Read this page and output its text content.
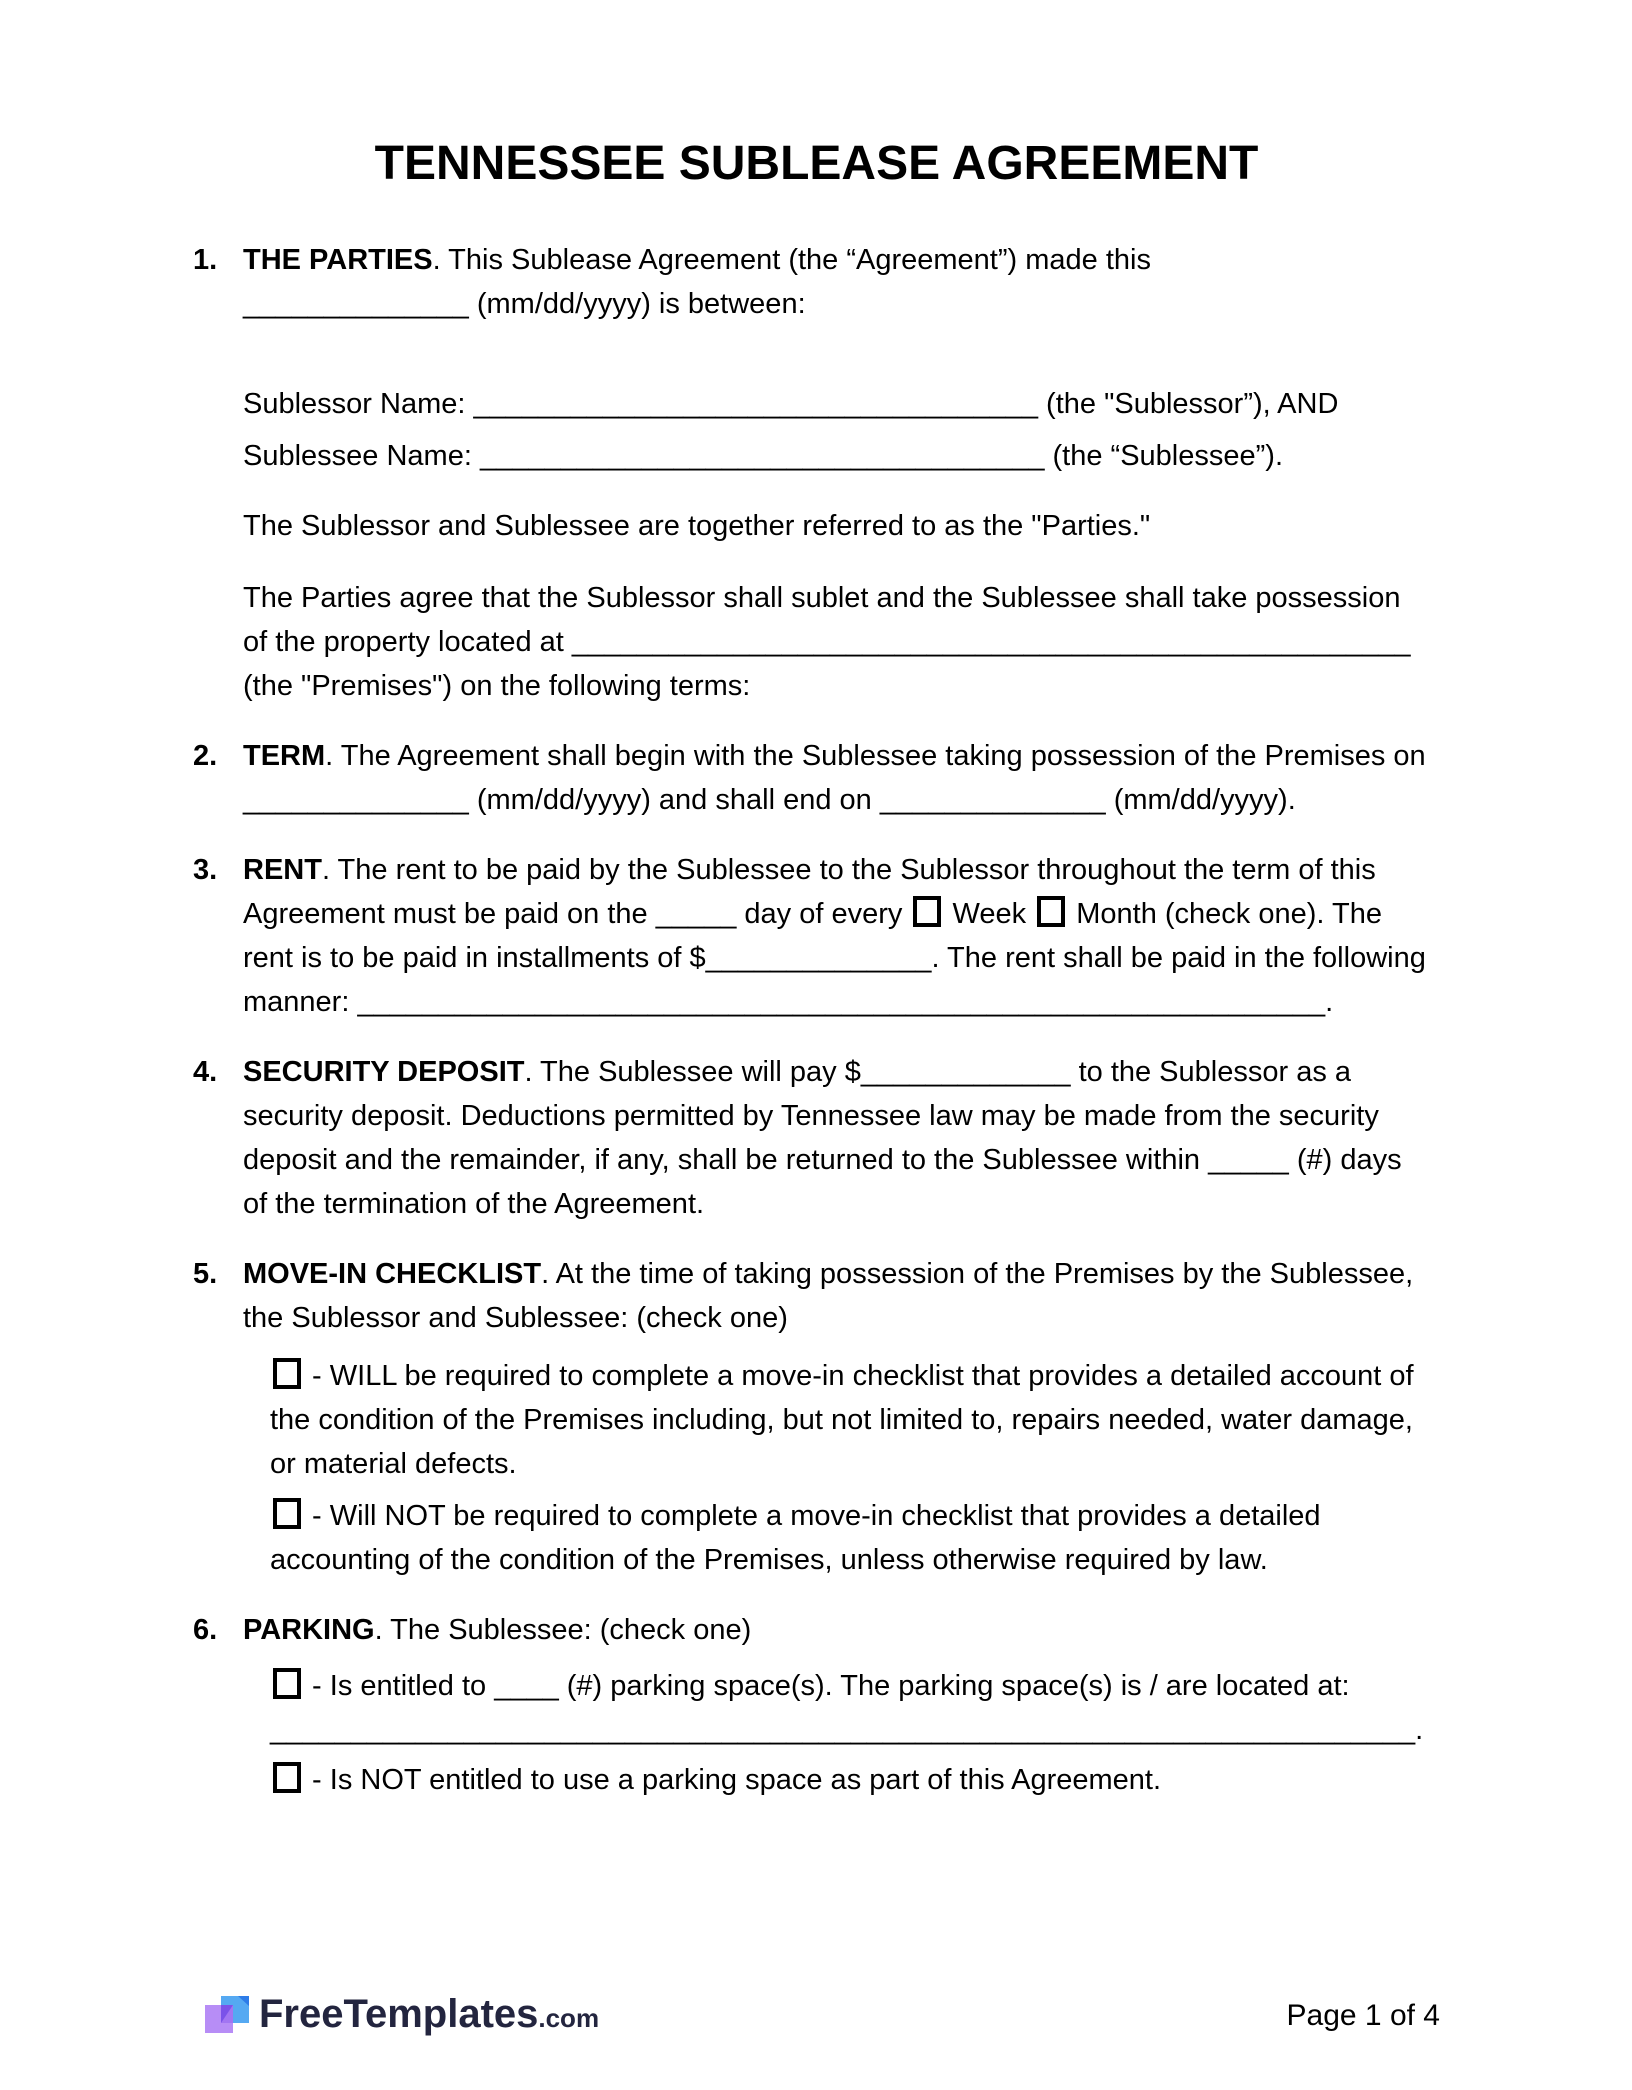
TENNESSEE SUBLEASE AGREEMENT
1. THE PARTIES. This Sublease Agreement (the “Agreement”) made this
______________ (mm/dd/yyyy) is between:
Sublessor Name: ___________________________________ (the "Sublessor”), AND
Sublessee Name: ___________________________________ (the “Sublessee”).
The Sublessor and Sublessee are together referred to as the "Parties."
The Parties agree that the Sublessor shall sublet and the Sublessee shall take possession
of the property located at ____________________________________________________
(the "Premises") on the following terms:
2. TERM. The Agreement shall begin with the Sublessee taking possession of the Premises on
______________ (mm/dd/yyyy) and shall end on ______________ (mm/dd/yyyy).
3. RENT. The rent to be paid by the Sublessee to the Sublessor throughout the term of this
Agreement must be paid on the _____ day of every  Week  Month (check one). The
rent is to be paid in installments of $______________. The rent shall be paid in the following
manner: ____________________________________________________________.
4. SECURITY DEPOSIT. The Sublessee will pay $_____________ to the Sublessor as a
security deposit. Deductions permitted by Tennessee law may be made from the security
deposit and the remainder, if any, shall be returned to the Sublessee within _____ (#) days
of the termination of the Agreement.
5. MOVE-IN CHECKLIST. At the time of taking possession of the Premises by the Sublessee,
the Sublessor and Sublessee: (check one)
- WILL be required to complete a move-in checklist that provides a detailed account of
the condition of the Premises including, but not limited to, repairs needed, water damage,
or material defects.
- Will NOT be required to complete a move-in checklist that provides a detailed
accounting of the condition of the Premises, unless otherwise required by law.
6. PARKING. The Sublessee: (check one)
- Is entitled to ____ (#) parking space(s). The parking space(s) is / are located at:
_______________________________________________________________________.
- Is NOT entitled to use a parking space as part of this Agreement.
FreeTemplates.com	Page 1 of 4
